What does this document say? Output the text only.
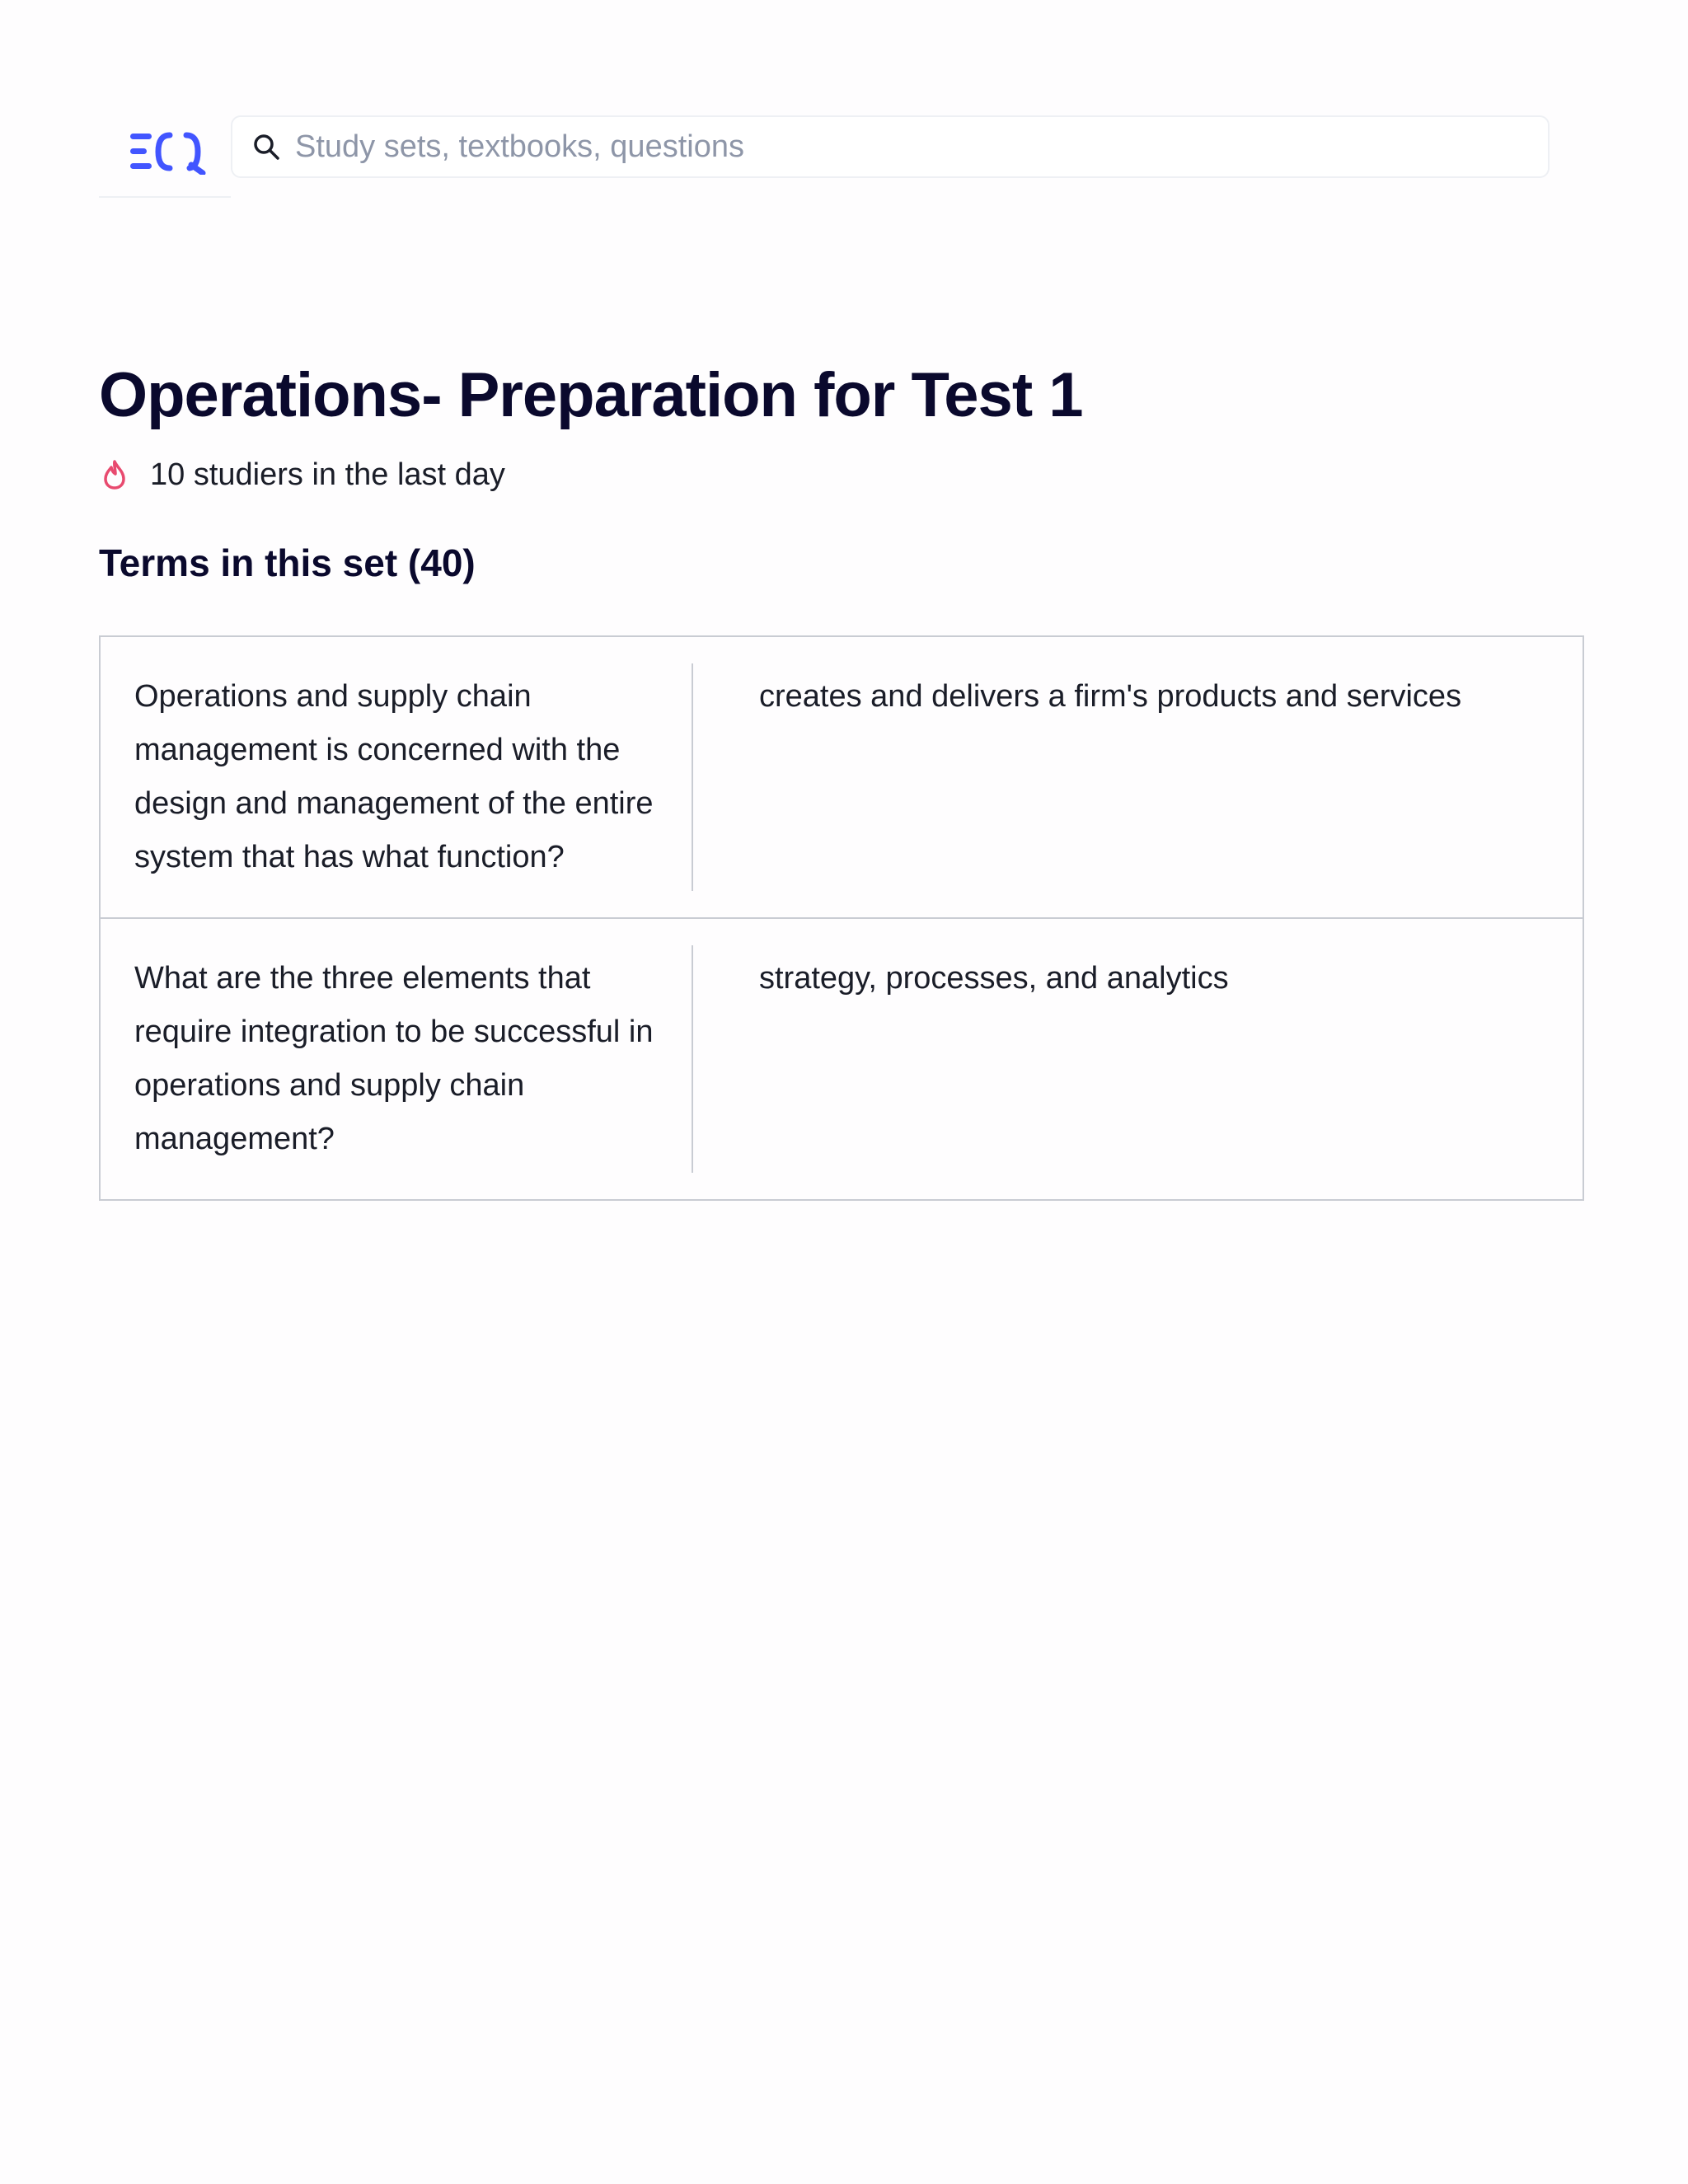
Study sets, textbooks, questions
Operations- Preparation for Test 1
10 studiers in the last day
Terms in this set (40)
Operations and supply chain management is concerned with the design and management of the entire system that has what function?
creates and delivers a firm's products and services
What are the three elements that require integration to be successful in operations and supply chain management?
strategy, processes, and analytics
